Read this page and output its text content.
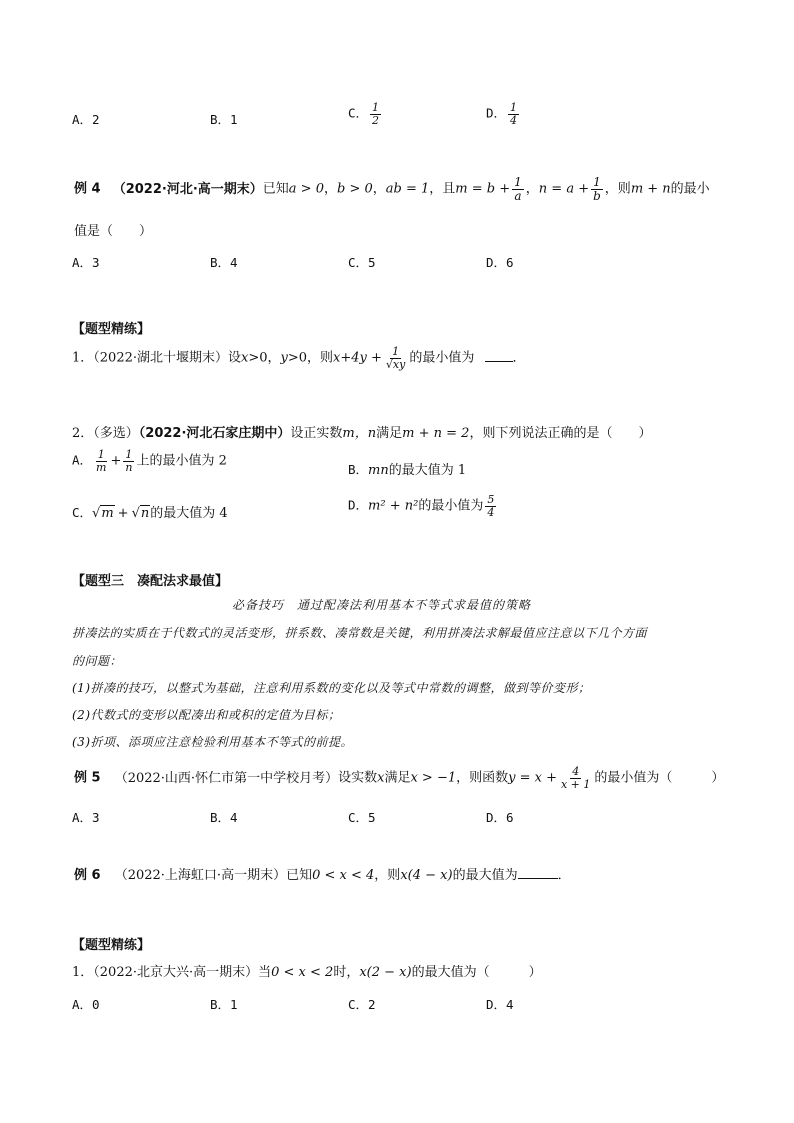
A．2	B．1	C． $\frac{1}{2}$	D． $\frac{1}{4}$
例 4 （2022·河北·高一期末）已知a > 0，b > 0，ab = 1，且$m = b + \frac{1}{a}$ ，$n = a + \frac{1}{b}$ ，则m + n的最小
值是（　　）
A．3	B．4	C．5	D．6
【题型精练】
1．（2022·湖北十堰期末）设x>0，y>0，则$x+4y + \frac{1}{√xy}$ 的最小值为	．
2．（多选）（2022·河北石家庄期中）设正实数m，n满足m + n = 2，则下列说法正确的是（　　）
A． $\frac{1}{m} + \frac{1}{n}$ 上的最小值为 2
B．mn的最大值为 1
C．√m + √n的最大值为 4
D．m² + n²的最小值为 $\frac{5}{4}$
【题型三　凑配法求最值】
必备技巧　通过配凑法利用基本不等式求最值的策略
拼凑法的实质在于代数式的灵活变形，拼系数、凑常数是关键，利用拼凑法求解最值应注意以下几个方面
的问题：
(1)拼凑的技巧，以整式为基础，注意利用系数的变化以及等式中常数的调整，做到等价变形；
(2)代数式的变形以配凑出和或积的定值为目标；
(3)折项、添项应注意检验利用基本不等式的前提。
例 5 （2022·山西·怀仁市第一中学校月考）设实数x满足x > −1，则函数$y = x + \frac{4}{x + 1}$ 的最小值为（　　　）
A．3	B．4	C．5	D．6
例 6 （2022·上海虹口·高一期末）已知0 < x < 4，则x(4 − x)的最大值为	．
【题型精练】
1．（2022·北京大兴·高一期末）当0 < x < 2时，x(2 − x)的最大值为（　　　）
A．0	B．1	C．2	D．4
